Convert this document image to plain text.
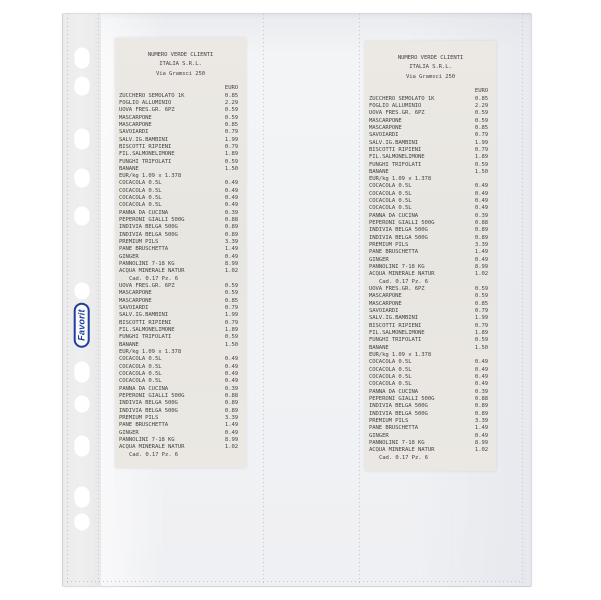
Favorit
NUMERO VERDE CLIENTI
ITALIA S.R.L.
Via Gramsci 250
EURO
ZUCCHERO SEMOLATO 1K	0.85
FOGLIO ALLUMINIO	2.29
UOVA FRES.GR. 6PZ	0.59
MASCARPONE	0.59
MASCARPONE	0.85
SAVOIARDI	0.79
SALV.IG.BAMBINI	1.99
BISCOTTI RIPIENI	0.79
FIL.SALMONELIMONE	1.89
FUNGHI TRIFOLATI	0.59
BANANE	1.50
EUR/kg 1.09 x 1.378
COCACOLA 0.5L	0.49
COCACOLA 0.5L	0.49
COCACOLA 0.5L	0.49
COCACOLA 0.5L	0.49
PANNA DA CUCINA	0.39
PEPERONI GIALLI 500G	0.88
INDIVIA BELGA 500G	0.89
INDIVIA BELGA 500G	0.89
PREMIUM PILS	3.39
PANE BRUSCHETTA	1.49
GINGER	0.49
PANNOLINI 7-18 KG	8.99
ACQUA MINERALE NATUR	1.02
Cad. 0.17 Pz. 6
UOVA FRES.GR. 6PZ	0.59
MASCARPONE	0.59
MASCARPONE	0.85
SAVOIARDI	0.79
SALV.IG.BAMBINI	1.99
BISCOTTI RIPIENI	0.79
FIL.SALMONELIMONE	1.89
FUNGHI TRIFOLATI	0.59
BANANE	1.50
EUR/kg 1.09 x 1.378
COCACOLA 0.5L	0.49
COCACOLA 0.5L	0.49
COCACOLA 0.5L	0.49
COCACOLA 0.5L	0.49
PANNA DA CUCINA	0.39
PEPERONI GIALLI 500G	0.88
INDIVIA BELGA 500G	0.89
INDIVIA BELGA 500G	0.89
PREMIUM PILS	3.39
PANE BRUSCHETTA	1.49
GINGER	0.49
PANNOLINI 7-18 KG	8.99
ACQUA MINERALE NATUR	1.02
Cad. 0.17 Pz. 6
NUMERO VERDE CLIENTI
ITALIA S.R.L.
Via Gramsci 250
EURO
ZUCCHERO SEMOLATO 1K	0.85
FOGLIO ALLUMINIO	2.29
UOVA FRES.GR. 6PZ	0.59
MASCARPONE	0.59
MASCARPONE	0.85
SAVOIARDI	0.79
SALV.IG.BAMBINI	1.99
BISCOTTI RIPIENI	0.79
FIL.SALMONELIMONE	1.89
FUNGHI TRIFOLATI	0.59
BANANE	1.50
EUR/kg 1.09 x 1.378
COCACOLA 0.5L	0.49
COCACOLA 0.5L	0.49
COCACOLA 0.5L	0.49
COCACOLA 0.5L	0.49
PANNA DA CUCINA	0.39
PEPERONI GIALLI 500G	0.88
INDIVIA BELGA 500G	0.89
INDIVIA BELGA 500G	0.89
PREMIUM PILS	3.39
PANE BRUSCHETTA	1.49
GINGER	0.49
PANNOLINI 7-18 KG	8.99
ACQUA MINERALE NATUR	1.02
Cad. 0.17 Pz. 6
UOVA FRES.GR. 6PZ	0.59
MASCARPONE	0.59
MASCARPONE	0.85
SAVOIARDI	0.79
SALV.IG.BAMBINI	1.99
BISCOTTI RIPIENI	0.79
FIL.SALMONELIMONE	1.89
FUNGHI TRIFOLATI	0.59
BANANE	1.50
EUR/kg 1.09 x 1.378
COCACOLA 0.5L	0.49
COCACOLA 0.5L	0.49
COCACOLA 0.5L	0.49
COCACOLA 0.5L	0.49
PANNA DA CUCINA	0.39
PEPERONI GIALLI 500G	0.88
INDIVIA BELGA 500G	0.89
INDIVIA BELGA 500G	0.89
PREMIUM PILS	3.39
PANE BRUSCHETTA	1.49
GINGER	0.49
PANNOLINI 7-18 KG	8.99
ACQUA MINERALE NATUR	1.02
Cad. 0.17 Pz. 6
